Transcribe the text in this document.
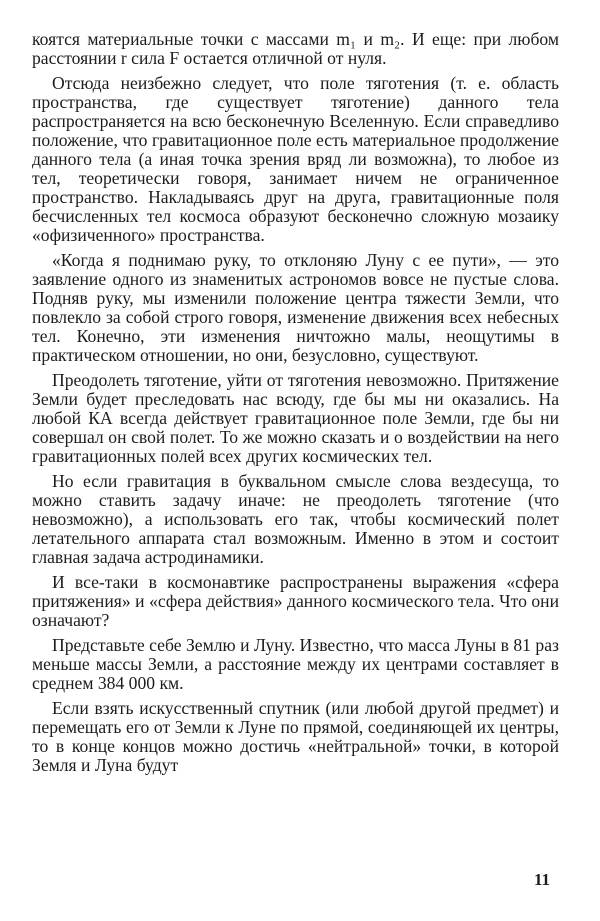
коятся материальные точки с массами m₁ и m₂. И еще: при любом расстоянии r сила F остается отличной от нуля.

Отсюда неизбежно следует, что поле тяготения (т. е. область пространства, где существует тяготение) данного тела распространяется на всю бесконечную Вселенную. Если справедливо положение, что гравитационное поле есть материальное продолжение данного тела (а иная точка зрения вряд ли возможна), то любое из тел, теоретически говоря, занимает ничем не ограниченное пространство. Накладываясь друг на друга, гравитационные поля бесчисленных тел космоса образуют бесконечно сложную мозаику «офизиченного» пространства.

«Когда я поднимаю руку, то отклоняю Луну с ее пути», — это заявление одного из знаменитых астрономов вовсе не пустые слова. Подняв руку, мы изменили положение центра тяжести Земли, что повлекло за собой строго говоря, изменение движения всех небесных тел. Конечно, эти изменения ничтожно малы, неощутимы в практическом отношении, но они, безусловно, существуют.

Преодолеть тяготение, уйти от тяготения невозможно. Притяжение Земли будет преследовать нас всюду, где бы мы ни оказались. На любой КА всегда действует гравитационное поле Земли, где бы ни совершал он свой полет. То же можно сказать и о воздействии на него гравитационных полей всех других космических тел.

Но если гравитация в буквальном смысле слова вездесуща, то можно ставить задачу иначе: не преодолеть тяготение (что невозможно), а использовать его так, чтобы космический полет летательного аппарата стал возможным. Именно в этом и состоит главная задача астродинамики.

И все-таки в космонавтике распространены выражения «сфера притяжения» и «сфера действия» данного космического тела. Что они означают?

Представьте себе Землю и Луну. Известно, что масса Луны в 81 раз меньше массы Земли, а расстояние между их центрами составляет в среднем 384 000 км.

Если взять искусственный спутник (или любой другой предмет) и перемещать его от Земли к Луне по прямой, соединяющей их центры, то в конце концов можно достичь «нейтральной» точки, в которой Земля и Луна будут

11
